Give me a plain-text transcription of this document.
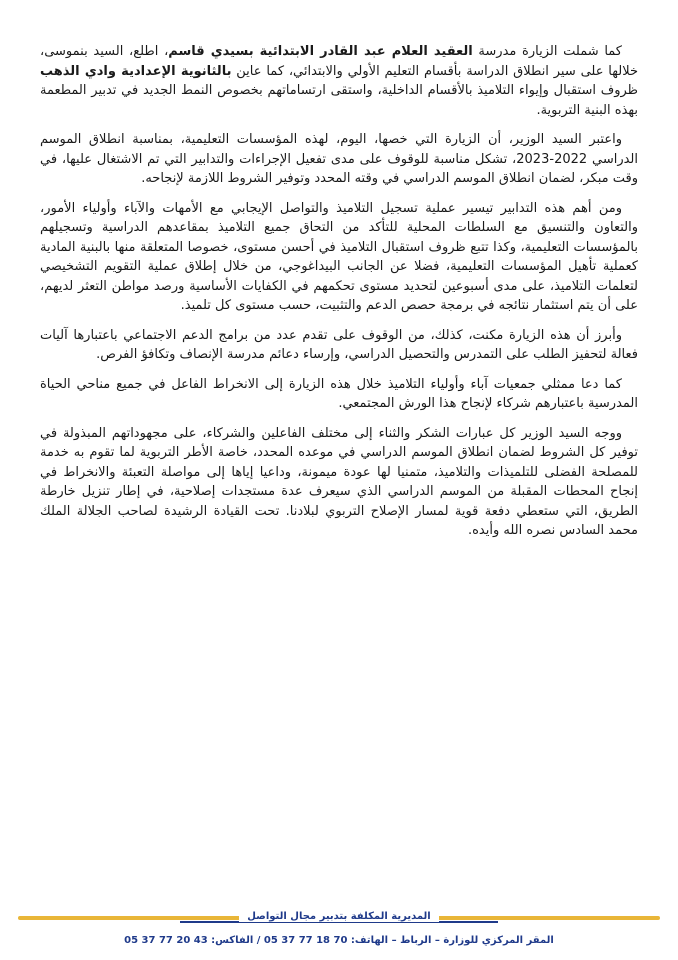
كما شملت الزيارة مدرسة العقيد العلام عبد القادر الابتدائية بسيدي قاسم، اطلع، السيد بنموسى، خلالها على سير انطلاق الدراسة بأقسام التعليم الأولي والابتدائي، كما عاين بالثانوية الإعدادية وادي الذهب ظروف استقبال وإيواء التلاميذ بالأقسام الداخلية، واستقى ارتساماتهم بخصوص النمط الجديد في تدبير المطعمة بهذه البنية التربوية.

واعتبر السيد الوزير، أن الزيارة التي خصها، اليوم، لهذه المؤسسات التعليمية، بمناسبة انطلاق الموسم الدراسي 2022-2023، تشكل مناسبة للوقوف على مدى تفعيل الإجراءات والتدابير التي تم الاشتغال عليها، في وقت مبكر، لضمان انطلاق الموسم الدراسي في وقته المحدد وتوفير الشروط اللازمة لإنجاحه.

ومن أهم هذه التدابير تيسير عملية تسجيل التلاميذ والتواصل الإيجابي مع الأمهات والآباء وأولياء الأمور، والتعاون والتنسيق مع السلطات المحلية للتأكد من التحاق جميع التلاميذ بمقاعدهم الدراسية وتسجيلهم بالمؤسسات التعليمية، وكذا تتبع ظروف استقبال التلاميذ في أحسن مستوى، خصوصا المتعلقة منها بالبنية المادية كعملية تأهيل المؤسسات التعليمية، فضلا عن الجانب البيداغوجي، من خلال إطلاق عملية التقويم التشخيصي لتعلمات التلاميذ، على مدى أسبوعين لتحديد مستوى تحكمهم في الكفايات الأساسية ورصد مواطن التعثر لديهم، على أن يتم استثمار نتائجه في برمجة حصص الدعم والتثبيت، حسب مستوى كل تلميذ.

وأبرز أن هذه الزيارة مكنت، كذلك، من الوقوف على تقدم عدد من برامج الدعم الاجتماعي باعتبارها آليات فعالة لتحفيز الطلب على التمدرس والتحصيل الدراسي، وإرساء دعائم مدرسة الإنصاف وتكافؤ الفرص.

كما دعا ممثلي جمعيات آباء وأولياء التلاميذ خلال هذه الزيارة إلى الانخراط الفاعل في جميع مناحي الحياة المدرسية باعتبارهم شركاء لإنجاح هذا الورش المجتمعي.

ووجه السيد الوزير كل عبارات الشكر والثناء إلى مختلف الفاعلين والشركاء، على مجهوداتهم المبذولة في توفير كل الشروط لضمان انطلاق الموسم الدراسي في موعده المحدد، خاصة الأطر التربوية لما تقوم به خدمة للمصلحة الفضلى للتلميذات والتلاميذ، متمنيا لها عودة ميمونة، وداعيا إياها إلى مواصلة التعبئة والانخراط في إنجاح المحطات المقبلة من الموسم الدراسي الذي سيعرف عدة مستجدات إصلاحية، في إطار تنزيل خارطة الطريق، التي ستعطي دفعة قوية لمسار الإصلاح التربوي لبلادنا. تحت القيادة الرشيدة لصاحب الجلالة الملك محمد السادس نصره الله وأيده.

المديرية المكلفة بتدبير مجال التواصل
المقر المركزي للوزارة – الرباط – الهاتف: 70 18 77 37 05 / الفاكس: 43 20 77 37 05
